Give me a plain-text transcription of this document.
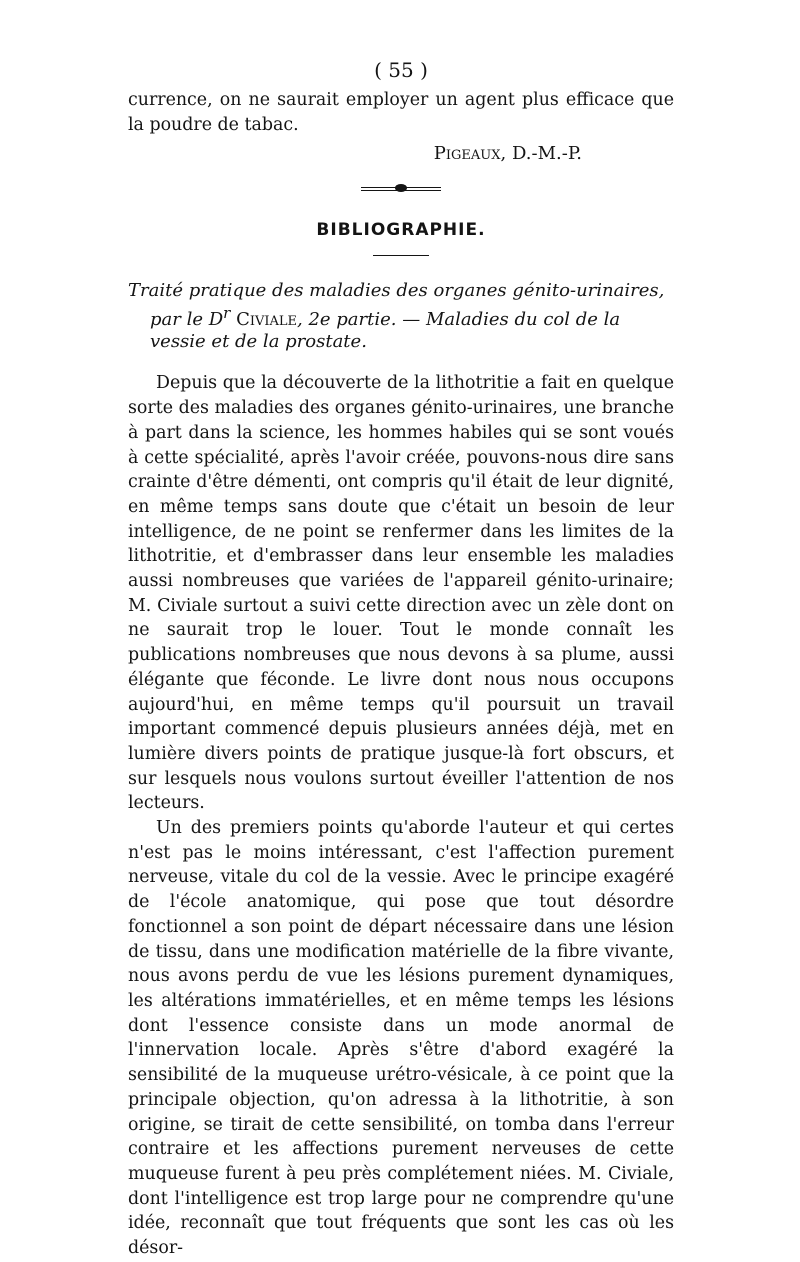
( 55 )

currence, on ne saurait employer un agent plus efficace que la poudre de tabac.

Pigeaux, D.-M.-P.
BIBLIOGRAPHIE.

Traité pratique des maladies des organes génito-urinaires, par le $D^r$ Civiale, 2e partie. — Maladies du col de la vessie et de la prostate.

Depuis que la découverte de la lithotritie a fait en quelque sorte des maladies des organes génito-urinaires, une branche à part dans la science, les hommes habiles qui se sont voués à cette spécialité, après l'avoir créée, pouvons-nous dire sans crainte d'être démenti, ont compris qu'il était de leur dignité, en même temps sans doute que c'était un besoin de leur intelligence, de ne point se renfermer dans les limites de la lithotritie, et d'embrasser dans leur ensemble les maladies aussi nombreuses que variées de l'appareil génito-urinaire; M. Civiale surtout a suivi cette direction avec un zèle dont on ne saurait trop le louer. Tout le monde connaît les publications nombreuses que nous devons à sa plume, aussi élégante que féconde. Le livre dont nous nous occupons aujourd'hui, en même temps qu'il poursuit un travail important commencé depuis plusieurs années déjà, met en lumière divers points de pratique jusque-là fort obscurs, et sur lesquels nous voulons surtout éveiller l'attention de nos lecteurs.

Un des premiers points qu'aborde l'auteur et qui certes n'est pas le moins intéressant, c'est l'affection purement nerveuse, vitale du col de la vessie. Avec le principe exagéré de l'école anatomique, qui pose que tout désordre fonctionnel a son point de départ nécessaire dans une lésion de tissu, dans une modification matérielle de la fibre vivante, nous avons perdu de vue les lésions purement dynamiques, les altérations immatérielles, et en même temps les lésions dont l'essence consiste dans un mode anormal de l'innervation locale. Après s'être d'abord exagéré la sensibilité de la muqueuse urétro-vésicale, à ce point que la principale objection, qu'on adressa à la lithotritie, à son origine, se tirait de cette sensibilité, on tomba dans l'erreur contraire et les affections purement nerveuses de cette muqueuse furent à peu près complétement niées. M. Civiale, dont l'intelligence est trop large pour ne comprendre qu'une idée, reconnaît que tout fréquents que sont les cas où les désor-
